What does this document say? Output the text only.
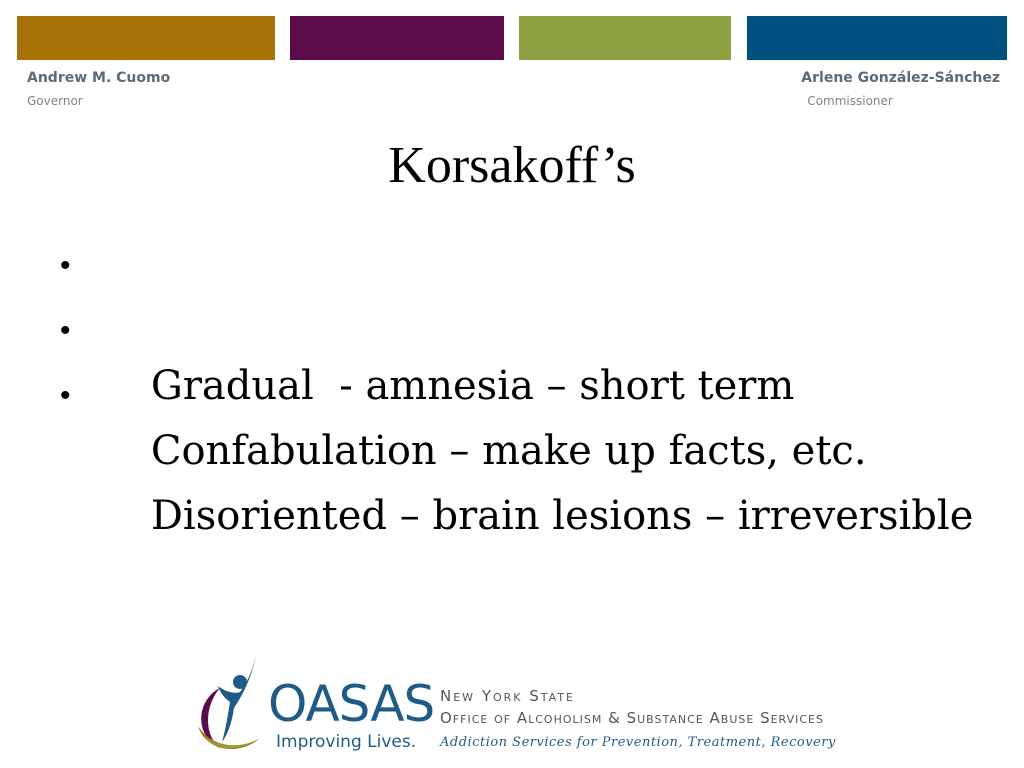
Andrew M. Cuomo
Governor
Arlene González-Sánchez
Commissioner
Korsakoff’s

•

Gradual  - amnesia – short term

•

Confabulation – make up facts, etc.

•

Disoriented – brain lesions – irreversible

OASAS
Improving Lives.
New York State
Office of Alcoholism & Substance Abuse Services
Addiction Services for Prevention, Treatment, Recovery
